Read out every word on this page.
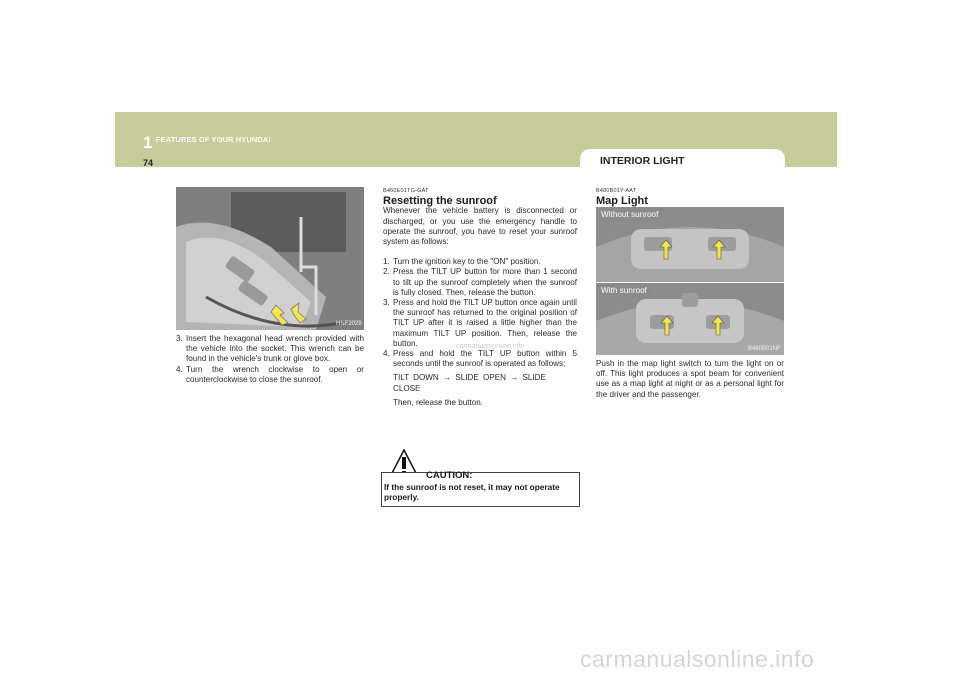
1 FEATURES OF YOUR HYUNDAI
74	INTERIOR LIGHT
HNF2029
3. Insert the hexagonal head wrench provided with the vehicle into the socket. This wrench can be found in the vehicle's trunk or glove box.
4. Turn the wrench clockwise to open or counterclockwise to close the sunroof.

B460E01TG-GAT

Resetting the sunroof

Whenever the vehicle battery is disconnected or discharged, or you use the emergency handle to operate the sunroof, you have to reset your sunroof system as follows:

1. Turn the ignition key to the "ON" position.
2. Press the TILT UP button for more than 1 second to tilt up the sunroof completely when the sunroof is fully closed. Then, release the button.
3. Press and hold the TILT UP button once again until the sunroof has returned to the original position of TILT UP after it is raised a little higher than the maximum TILT UP position. Then, release the button.
4. Press and hold the TILT UP button within 5 seconds until the sunroof is operated as follows;

TILT DOWN → SLIDE OPEN → SLIDE CLOSE

Then, release the button.

carmanualsonline.info
CAUTION:
If the sunroof is not reset, it may not operate properly.

B480B01Y-AAT

Map Light

Without sunroof
B480B01NF
With sunroof
Push in the map light switch to turn the light on or off. This light produces a spot beam for convenient use as a map light at night or as a personal light for the driver and the passenger.
carmanualsonline.info
